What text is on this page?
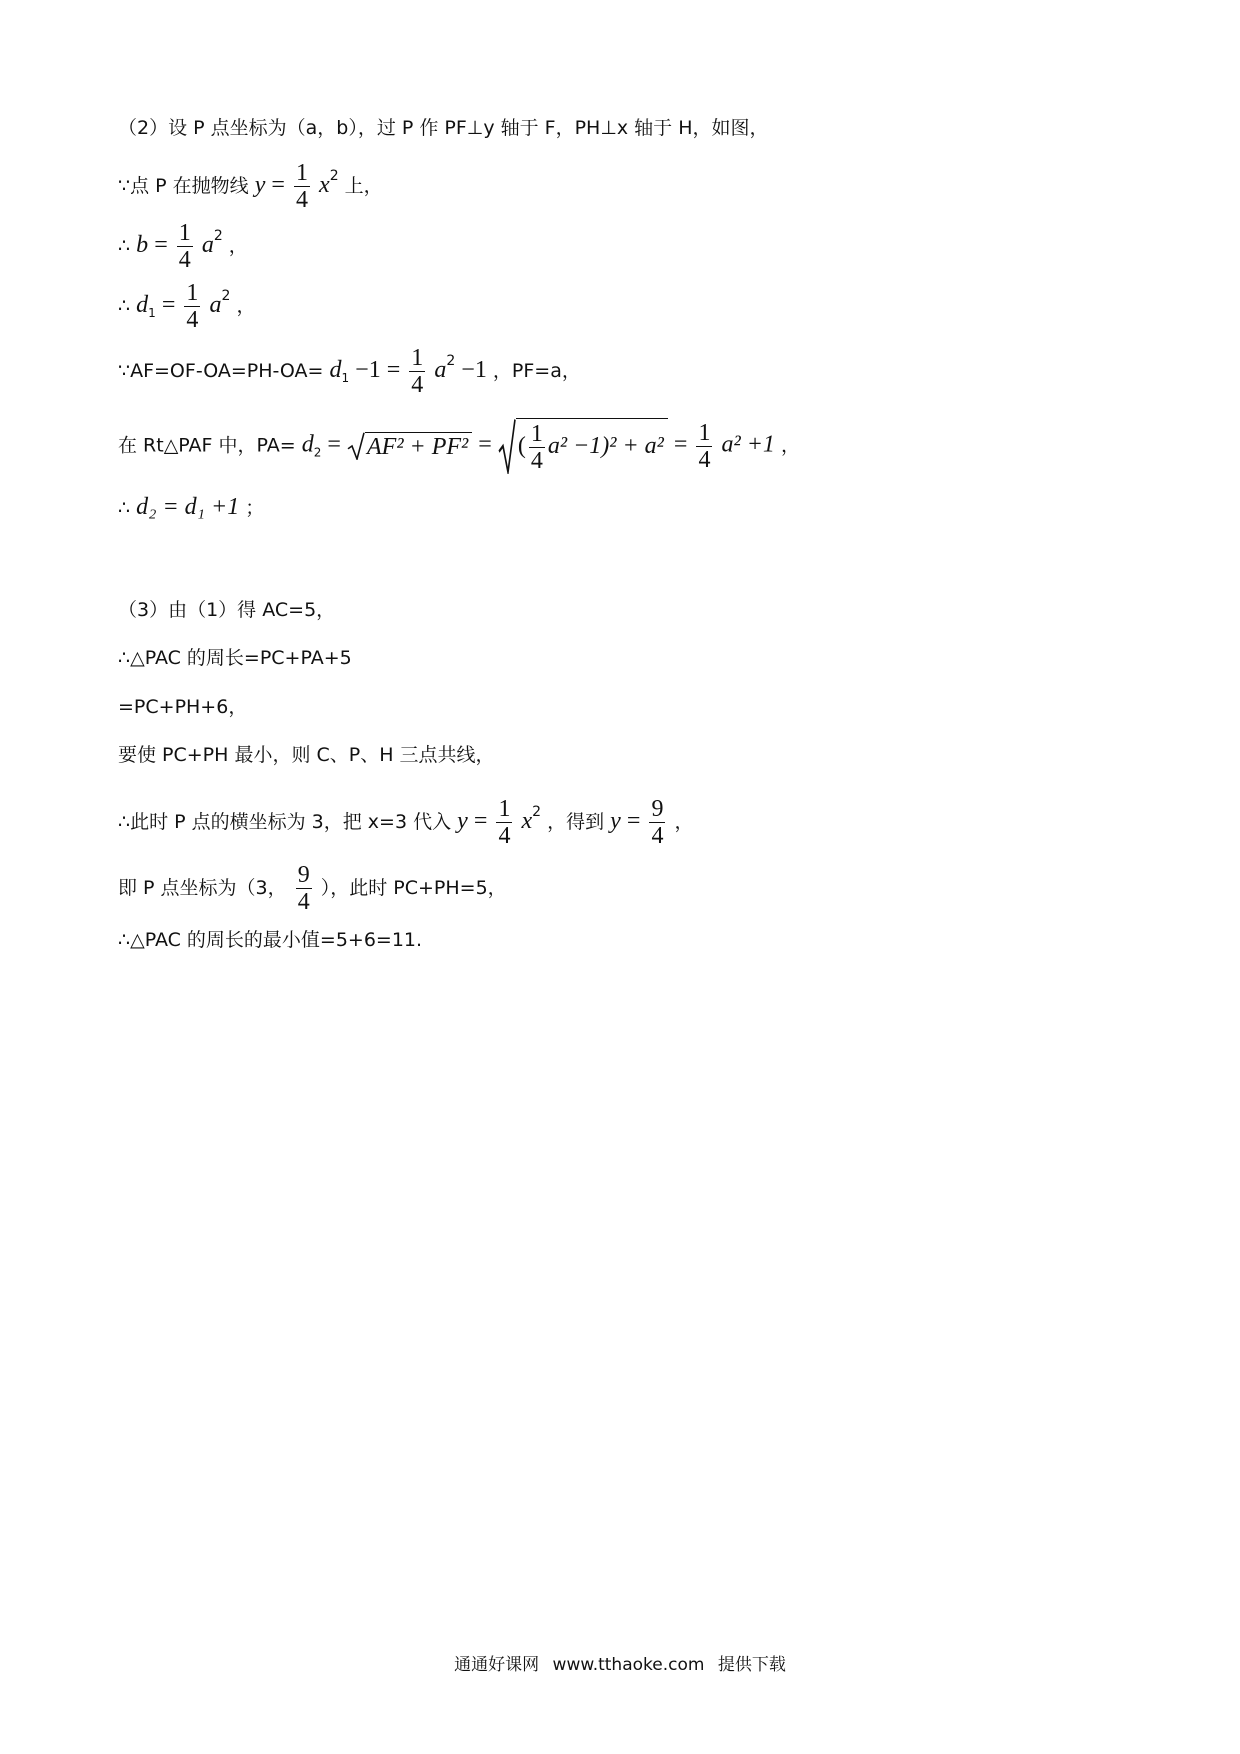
（2）设 P 点坐标为（a，b），过 P 作 PF⊥y 轴于 F，PH⊥x 轴于 H，如图，
∵点 P 在抛物线 $y = \frac{1}{4} x^2$ 上，
∴ $b = \frac{1}{4} a^2$ ，
∴ $d_1 = \frac{1}{4} a^2$ ，
∵AF=OF-OA=PH-OA= $d_1 -1 = \frac{1}{4} a^2 -1$ ，PF=a，
在 Rt△PAF 中，$PA= d_2 = AF^2 + PF^2$ = ( $\frac{1}{4} a^2 -1)^2 + a^2 = \frac{1}{4} a^2 +1$ ，
∴ d₂ = d₁ +1 ；
（3）由（1）得 AC=5，
∴△PAC 的周长=PC+PA+5
=PC+PH+6，
要使 PC+PH 最小，则 C、P、H 三点共线，
∴此时 P 点的横坐标为 3，把 x=3 代入 $y = \frac{1}{4} x^2$ ，得到 $y = \frac{9}{4}$ ，
即 P 点坐标为（3， $\frac{9}{4}$ ），此时 PC+PH=5，
∴△PAC 的周长的最小值=5+6=11.
通通好课网 www.tthaoke.com 提供下载
